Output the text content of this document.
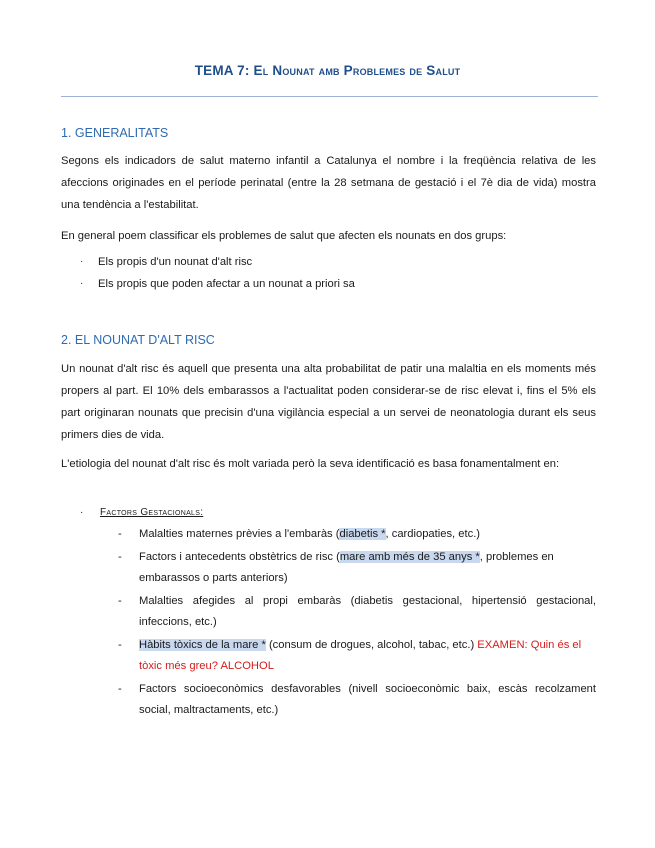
TEMA 7: El Nounat amb Problemes de Salut
1. GENERALITATS

Segons els indicadors de salut materno infantil a Catalunya el nombre i la freqüència relativa de les afeccions originades en el període perinatal (entre la 28 setmana de gestació i el 7è dia de vida) mostra una tendència a l'estabilitat.

En general poem classificar els problemes de salut que afecten els nounats en dos grups:

· Els propis d'un nounat d'alt risc
· Els propis que poden afectar a un nounat a priori sa
2. EL NOUNAT D'ALT RISC

Un nounat d'alt risc és aquell que presenta una alta probabilitat de patir una malaltia en els moments més propers al part. El 10% dels embarassos a l'actualitat poden considerar-se de risc elevat i, fins el 5% els part originaran nounats que precisin d'una vigilància especial a un servei de neonatologia durant els seus primers dies de vida.

L'etiologia del nounat d'alt risc és molt variada però la seva identificació es basa fonamentalment en:

· Factors Gestacionals:
- Malalties maternes prèvies a l'embaràs (diabetis *, cardiopaties, etc.)
- Factors i antecedents obstètrics de risc (mare amb més de 35 anys *, problemes en embarassos o parts anteriors)
- Malalties afegides al propi embaràs (diabetis gestacional, hipertensió gestacional, infeccions, etc.)
- Hàbits tòxics de la mare * (consum de drogues, alcohol, tabac, etc.) EXAMEN: Quin és el tòxic més greu? ALCOHOL
- Factors socioeconòmics desfavorables (nivell socioeconòmic baix, escàs recolzament social, maltractaments, etc.)
